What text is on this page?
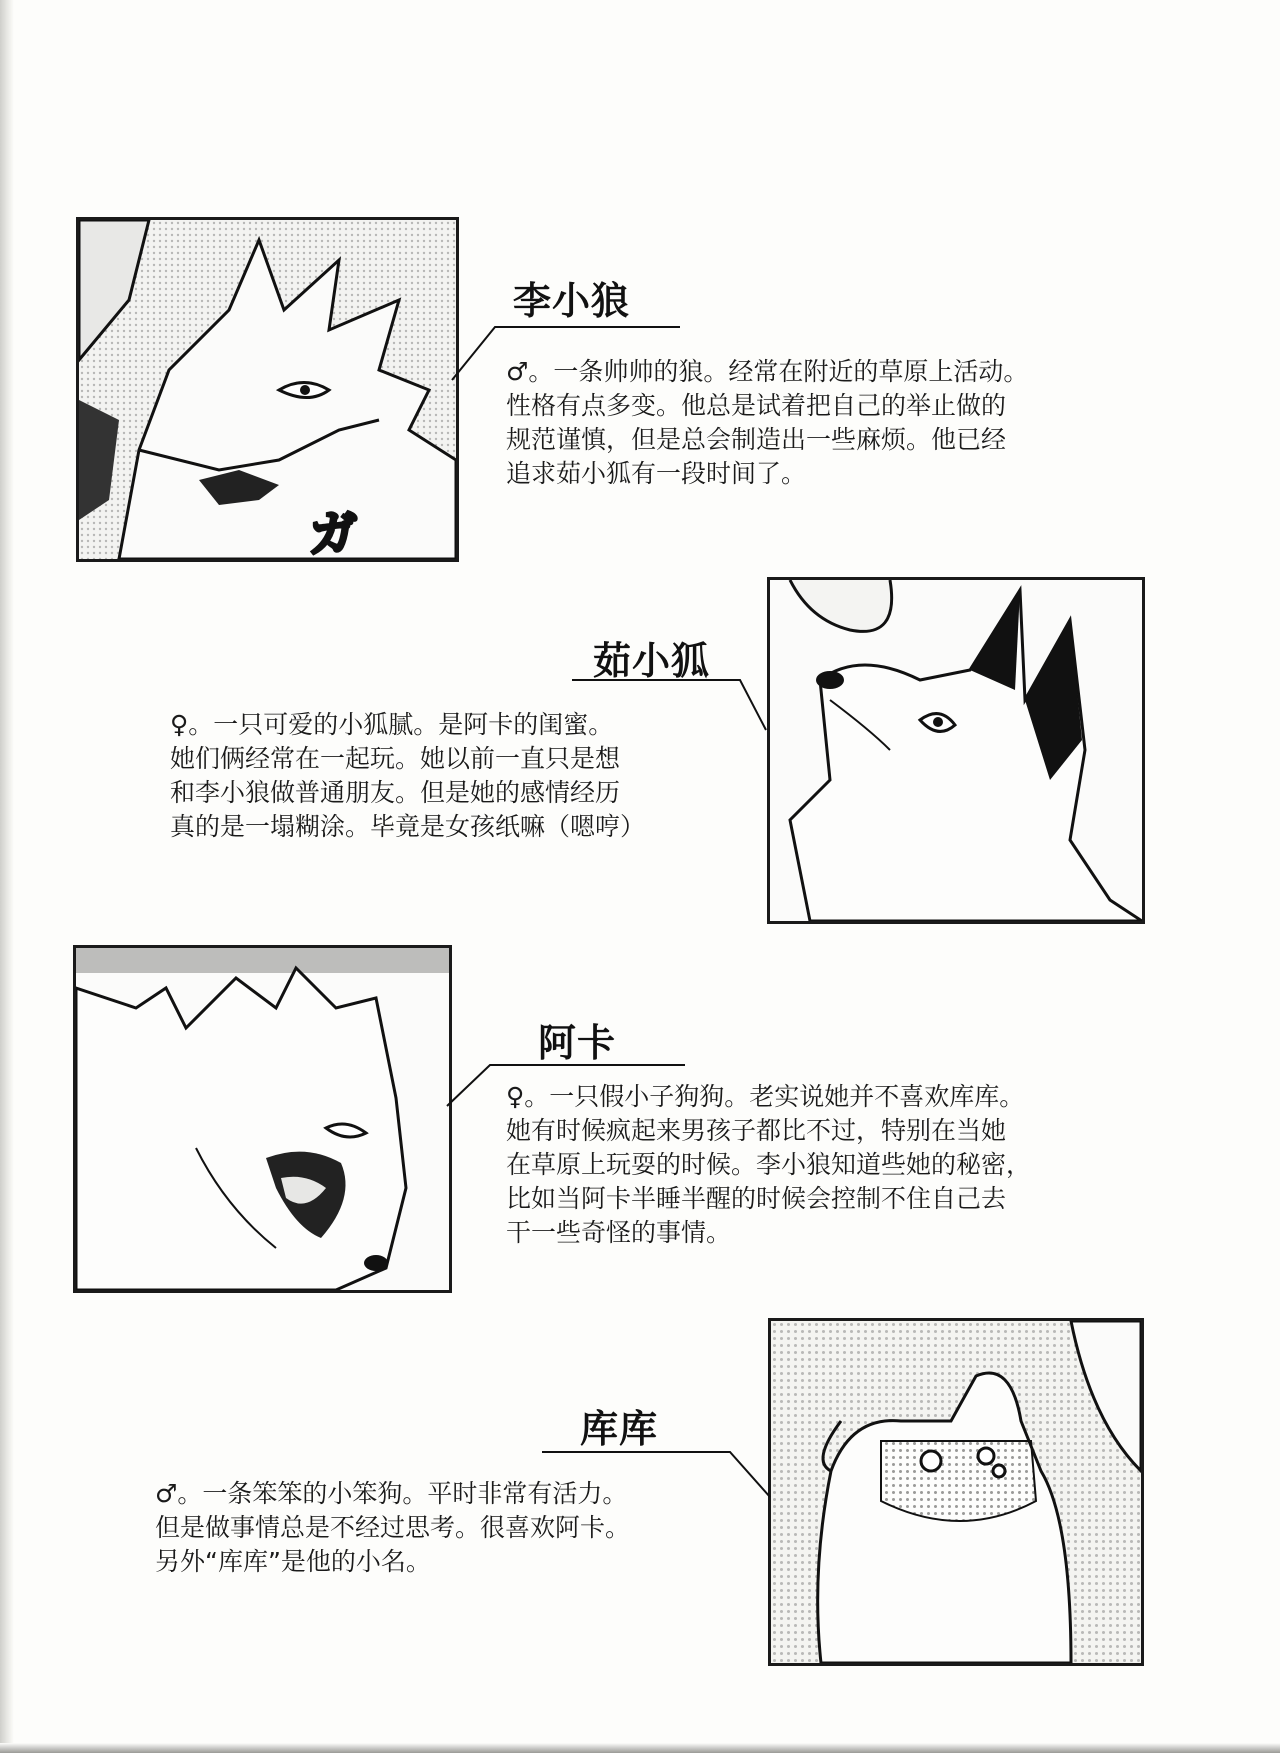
ガ
李小狼
♂。一条帅帅的狼。经常在附近的草原上活动。
性格有点多变。他总是试着把自己的举止做的
规范谨慎，但是总会制造出一些麻烦。他已经
追求茹小狐有一段时间了。
茹小狐
♀。一只可爱的小狐腻。是阿卡的闺蜜。
她们俩经常在一起玩。她以前一直只是想
和李小狼做普通朋友。但是她的感情经历
真的是一塌糊涂。毕竟是女孩纸嘛（嗯哼）
阿卡
♀。一只假小子狗狗。老实说她并不喜欢库库。
她有时候疯起来男孩子都比不过，特别在当她
在草原上玩耍的时候。李小狼知道些她的秘密，
比如当阿卡半睡半醒的时候会控制不住自己去
干一些奇怪的事情。
库库
♂。一条笨笨的小笨狗。平时非常有活力。
但是做事情总是不经过思考。很喜欢阿卡。
另外“库库”是他的小名。
